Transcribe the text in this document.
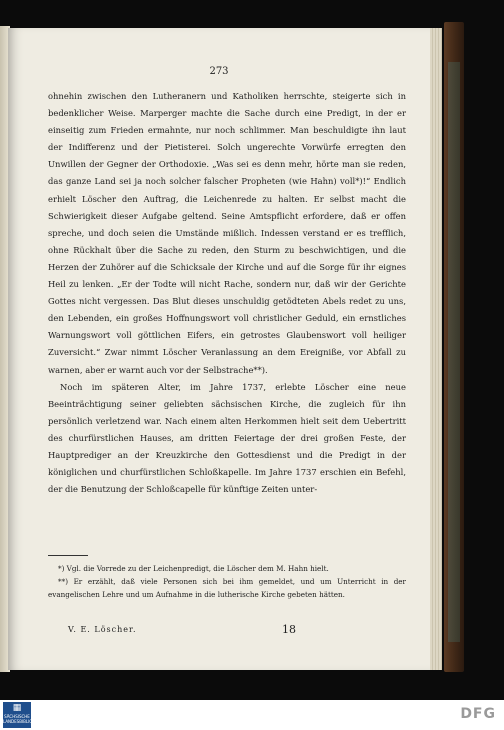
273

ohnehin zwischen den Lutheranern und Katholiken herrschte, steigerte sich in bedenklicher Weise. Marperger machte die Sache durch eine Predigt, in der er einseitig zum Frieden ermahnte, nur noch schlimmer. Man beschuldigte ihn laut der Indifferenz und der Pietisterei. Solch ungerechte Vorwürfe erregten den Unwillen der Gegner der Orthodoxie. „Was sei es denn mehr, hörte man sie reden, das ganze Land sei ja noch solcher falscher Propheten (wie Hahn) voll*)!“ Endlich erhielt Löscher den Auftrag, die Leichenrede zu halten. Er selbst macht die Schwierigkeit dieser Aufgabe geltend. Seine Amtspflicht erfordere, daß er offen spreche, und doch seien die Umstände mißlich. Indessen verstand er es trefflich, ohne Rückhalt über die Sache zu reden, den Sturm zu beschwichtigen, und die Herzen der Zuhörer auf die Schicksale der Kirche und auf die Sorge für ihr eignes Heil zu lenken. „Er der Todte will nicht Rache, sondern nur, daß wir der Gerichte Gottes nicht vergessen. Das Blut dieses unschuldig getödteten Abels redet zu uns, den Lebenden, ein großes Hoffnungswort voll christlicher Geduld, ein ernstliches Warnungswort voll göttlichen Eifers, ein getrostes Glaubenswort voll heiliger Zuversicht.“ Zwar nimmt Löscher Veranlassung an dem Ereigniße, vor Abfall zu warnen, aber er warnt auch vor der Selbstrache**).

Noch im späteren Alter, im Jahre 1737, erlebte Löscher eine neue Beeinträchtigung seiner geliebten sächsischen Kirche, die zugleich für ihn persönlich verletzend war. Nach einem alten Herkommen hielt seit dem Uebertritt des churfürstlichen Hauses, am dritten Feiertage der drei großen Feste, der Hauptprediger an der Kreuzkirche den Gottesdienst und die Predigt in der königlichen und churfürstlichen Schloßkapelle. Im Jahre 1737 erschien ein Befehl, der die Benutzung der Schloßcapelle für künftige Zeiten unter-

*) Vgl. die Vorrede zu der Leichenpredigt, die Löscher dem M. Hahn hielt.

**) Er erzählt, daß viele Personen sich bei ihm gemeldet, und um Unterricht in der evangelischen Lehre und um Aufnahme in die lutherische Kirche gebeten hätten.

V. E. Löscher.	18
▦
SÄCHSISCHE LANDESBIBLIOTHEK	DFG
